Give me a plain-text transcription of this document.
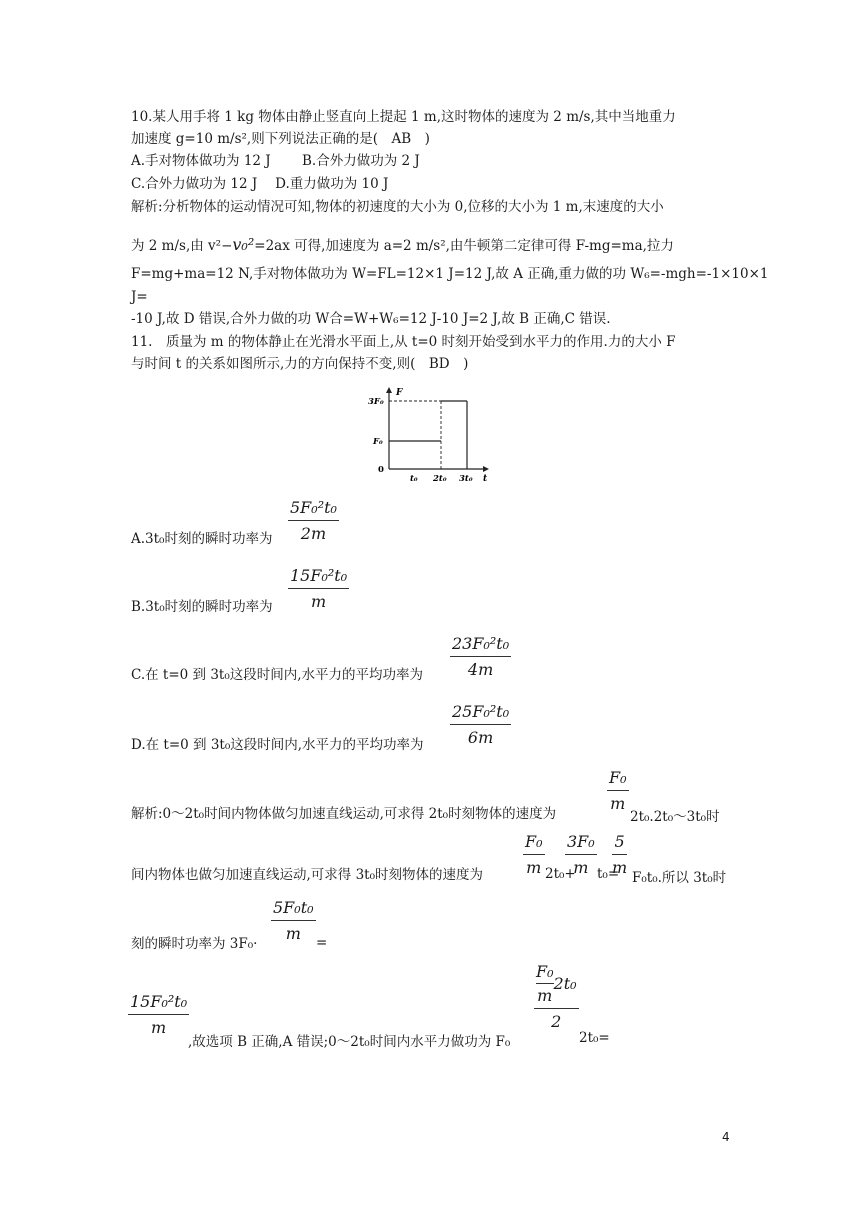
10.某人用手将 1 kg 物体由静止竖直向上提起 1 m,这时物体的速度为 2 m/s,其中当地重力
加速度 g=10 m/s²,则下列说法正确的是(　AB　)
A.手对物体做功为 12 J　　 B.合外力做功为 2 J
C.合外力做功为 12 J　 D.重力做功为 10 J
解析:分析物体的运动情况可知,物体的初速度的大小为 0,位移的大小为 1 m,末速度的大小
为 2 m/s,由 v²−v₀²=2ax 可得,加速度为 a=2 m/s²,由牛顿第二定律可得 F-mg=ma,拉力
F=mg+ma=12 N,手对物体做功为 W=FL=12×1 J=12 J,故 A 正确,重力做的功 W₆=-mgh=-1×10×1
J=
-10 J,故 D 错误,合外力做的功 W合=W+W₆=12 J-10 J=2 J,故 B 正确,C 错误.
11.　质量为 m 的物体静止在光滑水平面上,从 t=0 时刻开始受到水平力的作用.力的大小 F
与时间 t 的关系如图所示,力的方向保持不变,则(　BD　)
F
t
3F₀
F₀
0
t₀ 2t₀ 3t₀
A.3t₀时刻的瞬时功率为 $\frac{\text{5F₀²t₀}}{2m}$
B.3t₀时刻的瞬时功率为 $\frac{\text{15F₀²t₀}}{m}$
C.在 t=0 到 3t₀这段时间内,水平力的平均功率为 $\frac{\text{23F₀²t₀}}{4m}$
D.在 t=0 到 3t₀这段时间内,水平力的平均功率为 $\frac{\text{25F₀²t₀}}{6m}$
解析:0～2t₀时间内物体做匀加速直线运动,可求得 2t₀时刻物体的速度为
$\frac{\text{F₀}}{m}$
2t₀.2t₀～3t₀时
间内物体也做匀加速直线运动,可求得 3t₀时刻物体的速度为 $\frac{\text{F₀}}{m} 2t_0+$
$\frac{\text{3F₀}}{m} t_0=$
$\frac{5}{m}$
F₀t₀.所以 3t₀时
刻的瞬时功率为 3F₀·
$\frac{\text{5F₀t₀}}{m}$ =
$\frac{\text{15F₀²t₀}}{m}$
,故选项 B 正确,A 错误;0～2t₀时间内水平力做功为 F₀
$\frac{\frac{\text{F₀}}{m} 2t_0}{2}$
2t₀=
4
